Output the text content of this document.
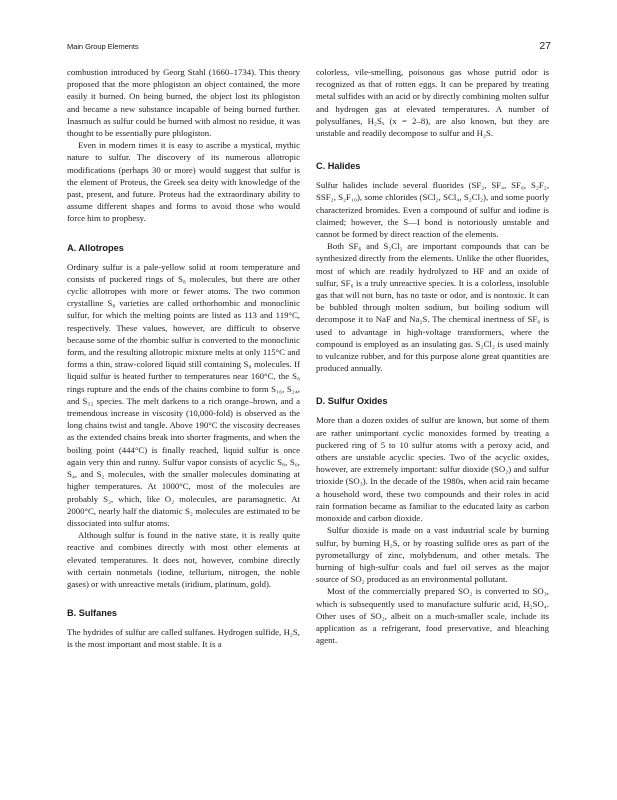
Main Group Elements	27

combustion introduced by Georg Stahl (1660–1734). This theory proposed that the more phlogiston an object contained, the more easily it burned. On being burned, the object lost its phlogiston and became a new substance incapable of being burned further. Inasmuch as sulfur could be burned with almost no residue, it was thought to be essentially pure phlogiston.

Even in modern times it is easy to ascribe a mystical, mythic nature to sulfur. The discovery of its numerous allotropic modifications (perhaps 30 or more) would suggest that sulfur is the element of Proteus, the Greek sea deity with knowledge of the past, present, and future. Proteus had the extraordinary ability to assume different shapes and forms to avoid those who would force him to prophesy.

A. Allotropes

Ordinary sulfur is a pale-yellow solid at room temperature and consists of puckered rings of S₈ molecules, but there are other cyclic allotropes with more or fewer atoms. The two common crystalline S₈ varieties are called orthorhombic and monoclinic sulfur, for which the melting points are listed as 113 and 119°C, respectively. These values, however, are difficult to observe because some of the rhombic sulfur is converted to the monoclinic form, and the resulting allotropic mixture melts at only 115°C and forms a thin, straw-colored liquid still containing S₈ molecules. If liquid sulfur is heated further to temperatures near 160°C, the S₈ rings rupture and the ends of the chains combine to form S₁₆, S₂₄, and S₃₂ species. The melt darkens to a rich orange–brown, and a tremendous increase in viscosity (10,000-fold) is observed as the long chains twist and tangle. Above 190°C the viscosity decreases as the extended chains break into shorter fragments, and when the boiling point (444°C) is finally reached, liquid sulfur is once again very thin and runny. Sulfur vapor consists of acyclic S₈, S₆, S₄, and S₂ molecules, with the smaller molecules dominating at higher temperatures. At 1000°C, most of the molecules are probably S₂, which, like O₂ molecules, are paramagnetic. At 2000°C, nearly half the diatomic S₂ molecules are estimated to be dissociated into sulfur atoms.

Although sulfur is found in the native state, it is really quite reactive and combines directly with most other elements at elevated temperatures. It does not, however, combine directly with certain nonmetals (iodine, tellurium, nitrogen, the noble gases) or with unreactive metals (iridium, platinum, gold).

B. Sulfanes

The hydrides of sulfur are called sulfanes. Hydrogen sulfide, H₂S, is the most important and most stable. It is a

colorless, vile-smelling, poisonous gas whose putrid odor is recognized as that of rotten eggs. It can be prepared by treating metal sulfides with an acid or by directly combining molten sulfur and hydrogen gas at elevated temperatures. A number of polysulfanes, H₂Sₓ (x = 2–8), are also known, but they are unstable and readily decompose to sulfur and H₂S.

C. Halides

Sulfur halides include several fluorides (SF₂, SF₄, SF₆, S₂F₂, SSF₂, S₂F₁₀), some chlorides (SCl₂, SCl₄, S₂Cl₂), and some poorly characterized bromides. Even a compound of sulfur and iodine is claimed; however, the S—I bond is notoriously unstable and cannot be formed by direct reaction of the elements.

Both SF₆ and S₂Cl₂ are important compounds that can be synthesized directly from the elements. Unlike the other fluorides, most of which are readily hydrolyzed to HF and an oxide of sulfur, SF₆ is a truly unreactive species. It is a colorless, insoluble gas that will not burn, has no taste or odor, and is nontoxic. It can be bubbled through molten sodium, but boiling sodium will decompose it to NaF and Na₂S. The chemical inertness of SF₆ is used to advantage in high-voltage transformers, where the compound is employed as an insulating gas. S₂Cl₂ is used mainly to vulcanize rubber, and for this purpose alone great quantities are produced annually.

D. Sulfur Oxides

More than a dozen oxides of sulfur are known, but some of them are rather unimportant cyclic monoxides formed by treating a puckered ring of 5 to 10 sulfur atoms with a peroxy acid, and others are unstable acyclic species. Two of the acyclic oxides, however, are extremely important: sulfur dioxide (SO₂) and sulfur trioxide (SO₃). In the decade of the 1980s, when acid rain became a household word, these two compounds and their roles in acid rain formation became as familiar to the educated laity as carbon monoxide and carbon dioxide.

Sulfur dioxide is made on a vast industrial scale by burning sulfur, by burning H₂S, or by roasting sulfide ores as part of the pyrometallurgy of zinc, molybdenum, and other metals. The burning of high-sulfur coals and fuel oil serves as the major source of SO₂ produced as an environmental pollutant.

Most of the commercially prepared SO₂ is converted to SO₃, which is subsequently used to manufacture sulfuric acid, H₂SO₄. Other uses of SO₂, albeit on a much-smaller scale, include its application as a refrigerant, food preservative, and bleaching agent.
